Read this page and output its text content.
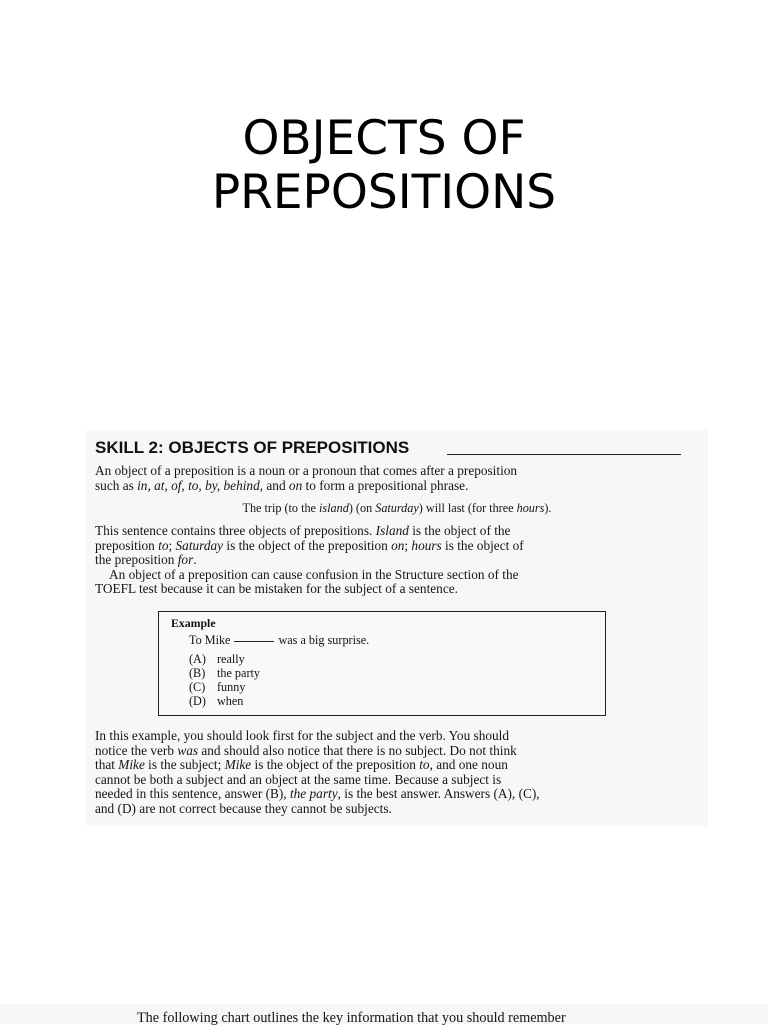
OBJECTS OF
PREPOSITIONS
SKILL 2: OBJECTS OF PREPOSITIONS
An object of a preposition is a noun or a pronoun that comes after a preposition
such as in, at, of, to, by, behind, and on to form a prepositional phrase.
The trip (to the island) (on Saturday) will last (for three hours).
This sentence contains three objects of prepositions. Island is the object of the
preposition to; Saturday is the object of the preposition on; hours is the object of
the preposition for.
An object of a preposition can cause confusion in the Structure section of the
TOEFL test because it can be mistaken for the subject of a sentence.
Example
To Mike	was a big surprise.
(A) really
(B) the party
(C) funny
(D) when
In this example, you should look first for the subject and the verb. You should
notice the verb was and should also notice that there is no subject. Do not think
that Mike is the subject; Mike is the object of the preposition to, and one noun
cannot be both a subject and an object at the same time. Because a subject is
needed in this sentence, answer (B), the party, is the best answer. Answers (A), (C),
and (D) are not correct because they cannot be subjects.
The following chart outlines the key information that you should remember
